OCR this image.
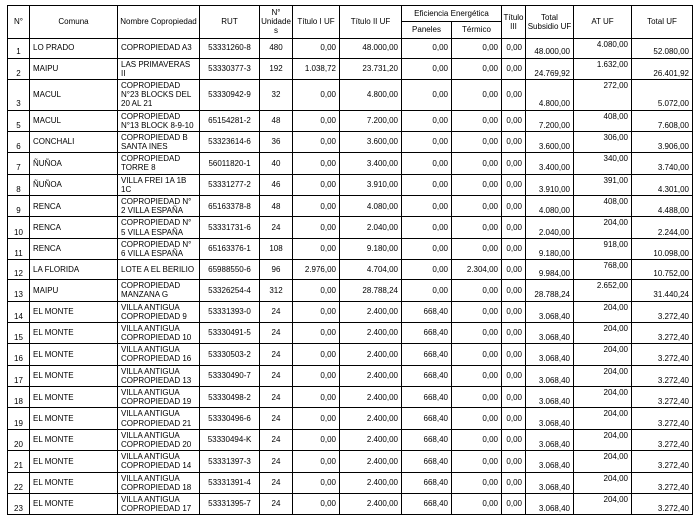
N°	Comuna	Nombre Copropiedad	RUT	N° Unidades	Título I UF	Título II UF	Eficiencia Energética		Título III	Total Subsidio UF	AT UF	Total UF
							Paneles	Térmico				
1	LO PRADO	COPROPIEDAD A3	53331260-8	480	0,00	48.000,00	0,00	0,00	0,00	48.000,00	4.080,00	52.080,00
2	MAIPU	LAS PRIMAVERAS II	53330377-3	192	1.038,72	23.731,20	0,00	0,00	0,00	24.769,92	1.632,00	26.401,92
3	MACUL	COPROPIEDAD N°23 BLOCKS DEL 20 AL 21	53330942-9	32	0,00	4.800,00	0,00	0,00	0,00	4.800,00	272,00	5.072,00
5	MACUL	COPROPIEDAD N°13 BLOCK 8-9-10	65154281-2	48	0,00	7.200,00	0,00	0,00	0,00	7.200,00	408,00	7.608,00
6	CONCHALI	COPROPIEDAD B SANTA INES	53323614-6	36	0,00	3.600,00	0,00	0,00	0,00	3.600,00	306,00	3.906,00
7	ÑUÑOA	COPROPIEDAD TORRE 8	56011820-1	40	0,00	3.400,00	0,00	0,00	0,00	3.400,00	340,00	3.740,00
8	ÑUÑOA	VILLA FREI 1A 1B 1C	53331277-2	46	0,00	3.910,00	0,00	0,00	0,00	3.910,00	391,00	4.301,00
9	RENCA	COPROPIEDAD N° 2 VILLA ESPAÑA	65163378-8	48	0,00	4.080,00	0,00	0,00	0,00	4.080,00	408,00	4.488,00
10	RENCA	COPROPIEDAD N° 5 VILLA ESPAÑA	53331731-6	24	0,00	2.040,00	0,00	0,00	0,00	2.040,00	204,00	2.244,00
11	RENCA	COPROPIEDAD N° 6 VILLA ESPAÑA	65163376-1	108	0,00	9.180,00	0,00	0,00	0,00	9.180,00	918,00	10.098,00
12	LA FLORIDA	LOTE A EL BERILIO	65988550-6	96	2.976,00	4.704,00	0,00	2.304,00	0,00	9.984,00	768,00	10.752,00
13	MAIPU	COPROPIEDAD MANZANA G	53326254-4	312	0,00	28.788,24	0,00	0,00	0,00	28.788,24	2.652,00	31.440,24
14	EL MONTE	VILLA ANTIGUA COPROPIEDAD 9	53331393-0	24	0,00	2.400,00	668,40	0,00	0,00	3.068,40	204,00	3.272,40
15	EL MONTE	VILLA ANTIGUA COPROPIEDAD 10	53330491-5	24	0,00	2.400,00	668,40	0,00	0,00	3.068,40	204,00	3.272,40
16	EL MONTE	VILLA ANTIGUA COPROPIEDAD 16	53330503-2	24	0,00	2.400,00	668,40	0,00	0,00	3.068,40	204,00	3.272,40
17	EL MONTE	VILLA ANTIGUA COPROPIEDAD 13	53330490-7	24	0,00	2.400,00	668,40	0,00	0,00	3.068,40	204,00	3.272,40
18	EL MONTE	VILLA ANTIGUA COPROPIEDAD 19	53330498-2	24	0,00	2.400,00	668,40	0,00	0,00	3.068,40	204,00	3.272,40
19	EL MONTE	VILLA ANTIGUA COPROPIEDAD 21	53330496-6	24	0,00	2.400,00	668,40	0,00	0,00	3.068,40	204,00	3.272,40
20	EL MONTE	VILLA ANTIGUA COPROPIEDAD 20	53330494-K	24	0,00	2.400,00	668,40	0,00	0,00	3.068,40	204,00	3.272,40
21	EL MONTE	VILLA ANTIGUA COPROPIEDAD 14	53331397-3	24	0,00	2.400,00	668,40	0,00	0,00	3.068,40	204,00	3.272,40
22	EL MONTE	VILLA ANTIGUA COPROPIEDAD 18	53331391-4	24	0,00	2.400,00	668,40	0,00	0,00	3.068,40	204,00	3.272,40
23	EL MONTE	VILLA ANTIGUA COPROPIEDAD 17	53331395-7	24	0,00	2.400,00	668,40	0,00	0,00	3.068,40	204,00	3.272,40
